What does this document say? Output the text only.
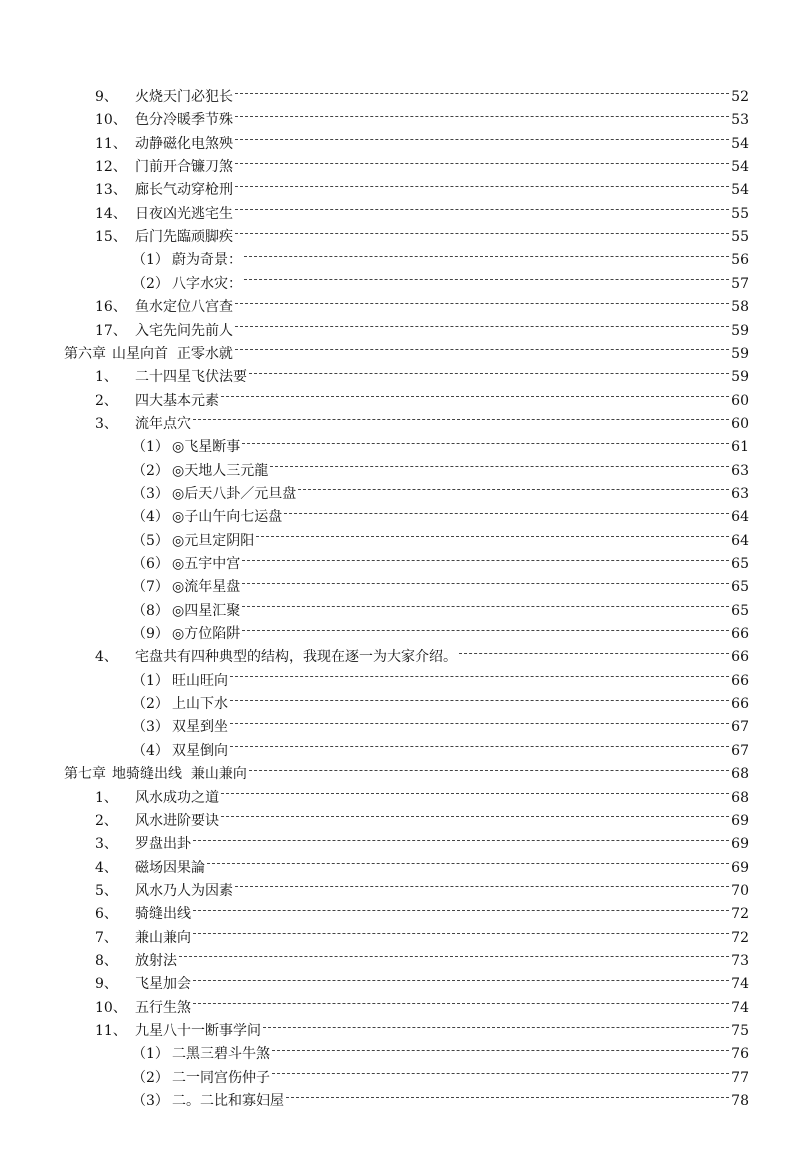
9、	火烧天门必犯长	52
10、 色分冷暖季节殊	53
11、 动静磁化电煞殃	54
12、 门前开合镰刀煞	54
13、 廊长气动穿枪刑	54
14、 日夜凶光逃宅生	55
15、 后门先臨顽脚疾	55
（1） 蔚为奇景：	56
（2） 八字水灾：	57
16、 鱼水定位八宫查	58
17、 入宅先问先前人	59
第六章 山星向首  正零水就	59
1、	二十四星飞伏法要	59
2、	四大基本元素	60
3、	流年点穴	60
（1） ◎飞星断事	61
（2） ◎天地人三元龍	63
（3） ◎后天八卦／元旦盘	63
（4） ◎子山午向七运盘	64
（5） ◎元旦定阴阳	64
（6） ◎五宇中宫	65
（7） ◎流年星盘	65
（8） ◎四星汇聚	65
（9） ◎方位陷阱	66
4、	宅盘共有四种典型的结构，我现在逐一为大家介绍。	66
（1） 旺山旺向	66
（2） 上山下水	66
（3） 双星到坐	67
（4） 双星倒向	67
第七章 地骑缝出线  兼山兼向	68
1、	风水成功之道	68
2、	风水进阶要诀	69
3、	罗盘出卦	69
4、	磁场因果論	69
5、	风水乃人为因素	70
6、	骑缝出线	72
7、	兼山兼向	72
8、	放射法	73
9、	飞星加会	74
10、 五行生煞	74
11、 九星八十一断事学问	75
（1） 二黑三碧斗牛煞	76
（2） 二一同宫伤仲子	77
（3） 二。二比和寡妇屋	78
